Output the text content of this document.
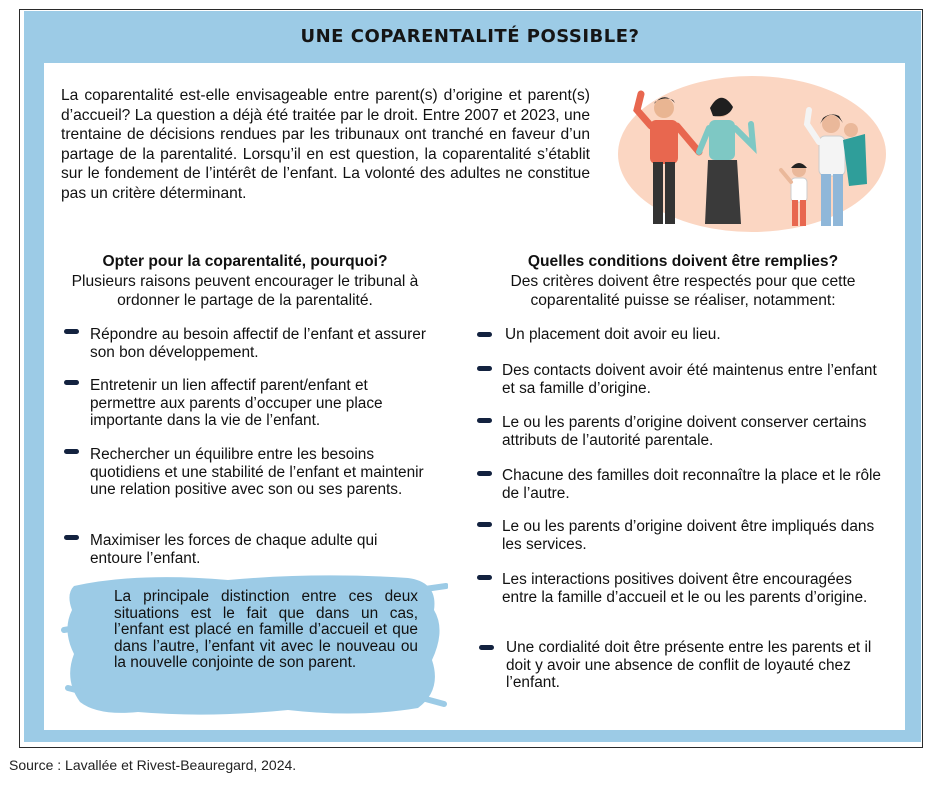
UNE COPARENTALITÉ POSSIBLE?
La coparentalité est-elle envisageable entre parent(s) d’origine et parent(s) d’accueil? La question a déjà été traitée par le droit. Entre 2007 et 2023, une trentaine de décisions rendues par les tribunaux ont tranché en faveur d’un partage de la parentalité. Lorsqu’il en est question, la coparentalité s’établit sur le fondement de l’intérêt de l’enfant. La volonté des adultes ne constitue pas un critère déterminant.
Opter pour la coparentalité, pourquoi?
Plusieurs raisons peuvent encourager le tribunal à ordonner le partage de la parentalité.
Répondre au besoin affectif de l’enfant et assurer son bon développement.
Entretenir un lien affectif parent/enfant et permettre aux parents d’occuper une place importante dans la vie de l’enfant.
Rechercher un équilibre entre les besoins quotidiens et une stabilité de l’enfant et maintenir une relation positive avec son ou ses parents.
Maximiser les forces de chaque adulte qui entoure l’enfant.
La principale distinction entre ces deux situations est le fait que dans un cas, l’enfant est placé en famille d’accueil et que dans l’autre, l’enfant vit avec le nouveau ou la nouvelle conjointe de son parent.
Quelles conditions doivent être remplies?
Des critères doivent être respectés pour que cette coparentalité puisse se réaliser, notamment:
Un placement doit avoir eu lieu.
Des contacts doivent avoir été maintenus entre l’enfant et sa famille d’origine.
Le ou les parents d’origine doivent conserver certains attributs de l’autorité parentale.
Chacune des familles doit reconnaître la place et le rôle de l’autre.
Le ou les parents d’origine doivent être impliqués dans les services.
Les interactions positives doivent être encouragées entre la famille d’accueil et le ou les parents d’origine.
Une cordialité doit être présente entre les parents et il doit y avoir une absence de conflit de loyauté chez l’enfant.
Source : Lavallée et Rivest-Beauregard, 2024.
